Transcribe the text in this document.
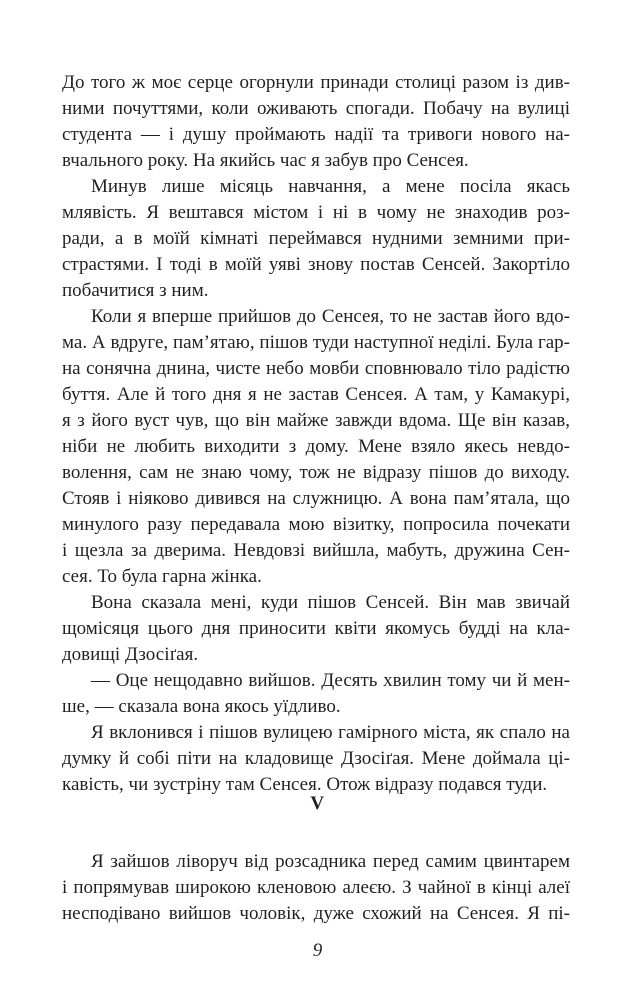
До того ж моє серце огорнули принади столиці разом із див-
ними почуттями, коли оживають спогади. Побачу на вулиці
студента — і душу проймають надії та тривоги нового на-
вчального року. На якийсь час я забув про Сенсея.
Минув лише місяць навчання, а мене посіла якась
млявість. Я вештався містом і ні в чому не знаходив роз-
ради, а в моїй кімнаті переймався нудними земними при-
страстями. І тоді в моїй уяві знову постав Сенсей. Закортіло
побачитися з ним.
Коли я вперше прийшов до Сенсея, то не застав його вдо-
ма. А вдруге, пам’ятаю, пішов туди наступної неділі. Була гар-
на сонячна днина, чисте небо мовби сповнювало тіло радістю
буття. Але й того дня я не застав Сенсея. А там, у Камакурі,
я з його вуст чув, що він майже завжди вдома. Ще він казав,
ніби не любить виходити з дому. Мене взяло якесь невдо-
волення, сам не знаю чому, тож не відразу пішов до виходу.
Стояв і ніяково дивився на служницю. А вона пам’ятала, що
минулого разу передавала мою візитку, попросила почекати
і щезла за дверима. Невдовзі вийшла, мабуть, дружина Сен-
сея. То була гарна жінка.
Вона сказала мені, куди пішов Сенсей. Він мав звичай
щомісяця цього дня приносити квіти якомусь будді на кла-
довищі Дзосіґая.
— Оце нещодавно вийшов. Десять хвилин тому чи й мен-
ше, — сказала вона якось уїдливо.
Я вклонився і пішов вулицею гамірного міста, як спало на
думку й собі піти на кладовище Дзосіґая. Мене доймала ці-
кавість, чи зустріну там Сенсея. Отож відразу подався туди.
V
Я зайшов ліворуч від розсадника перед самим цвинтарем
і попрямував широкою кленовою алеєю. З чайної в кінці алеї
несподівано вийшов чоловік, дуже схожий на Сенсея. Я пі-
9
